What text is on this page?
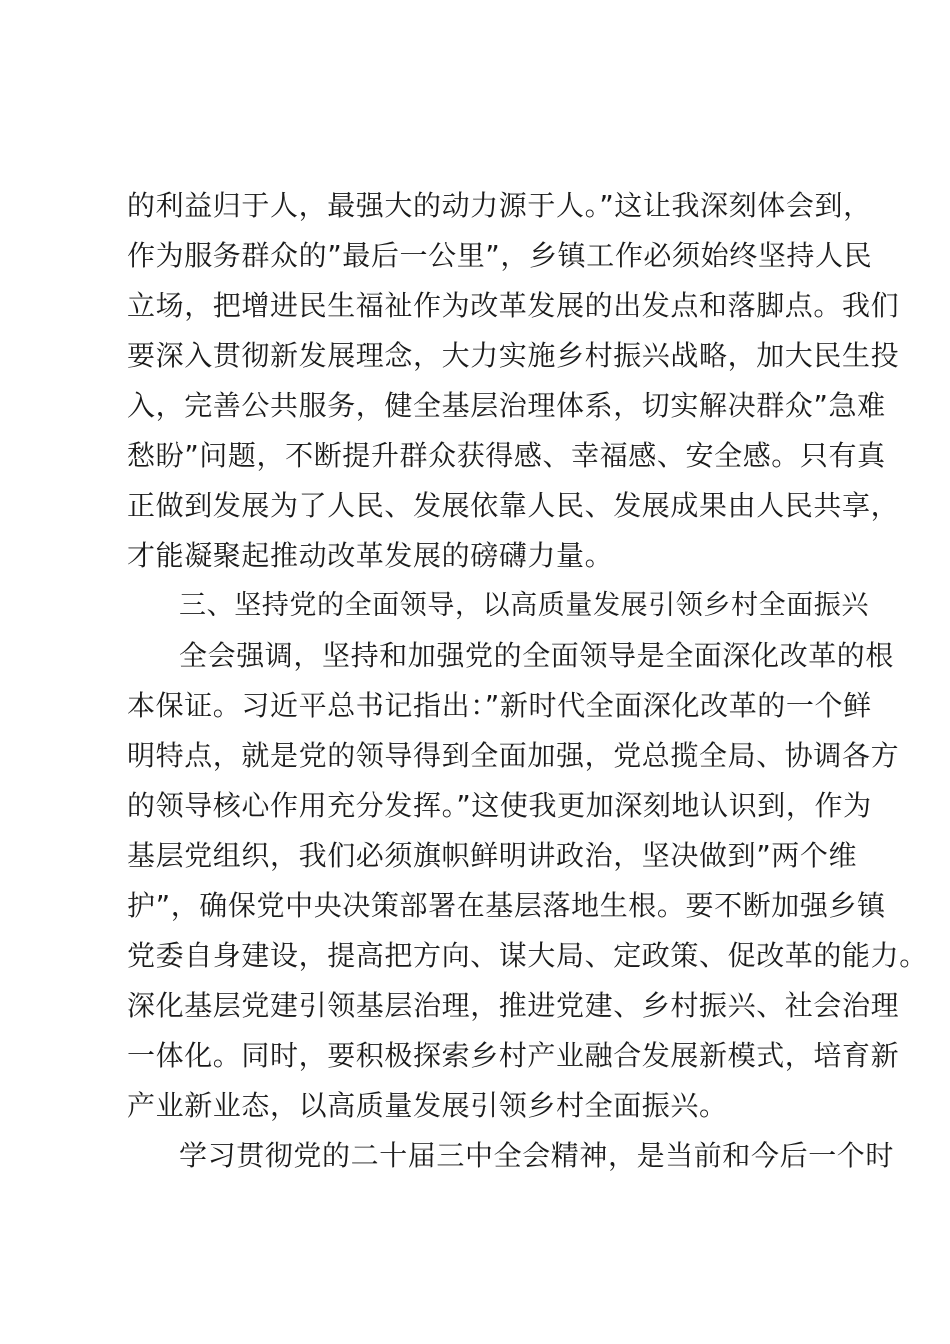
的利益归于人，最强大的动力源于人。”这让我深刻体会到，
作为服务群众的”最后一公里”，乡镇工作必须始终坚持人民
立场，把增进民生福祉作为改革发展的出发点和落脚点。我们
要深入贯彻新发展理念，大力实施乡村振兴战略，加大民生投
入，完善公共服务，健全基层治理体系，切实解决群众”急难
愁盼”问题，不断提升群众获得感、幸福感、安全感。只有真
正做到发展为了人民、发展依靠人民、发展成果由人民共享，
才能凝聚起推动改革发展的磅礴力量。
三、坚持党的全面领导，以高质量发展引领乡村全面振兴
全会强调，坚持和加强党的全面领导是全面深化改革的根
本保证。习近平总书记指出：”新时代全面深化改革的一个鲜
明特点，就是党的领导得到全面加强，党总揽全局、协调各方
的领导核心作用充分发挥。”这使我更加深刻地认识到，作为
基层党组织，我们必须旗帜鲜明讲政治，坚决做到”两个维
护”，确保党中央决策部署在基层落地生根。要不断加强乡镇
党委自身建设，提高把方向、谋大局、定政策、促改革的能力。
深化基层党建引领基层治理，推进党建、乡村振兴、社会治理
一体化。同时，要积极探索乡村产业融合发展新模式，培育新
产业新业态，以高质量发展引领乡村全面振兴。
学习贯彻党的二十届三中全会精神，是当前和今后一个时
